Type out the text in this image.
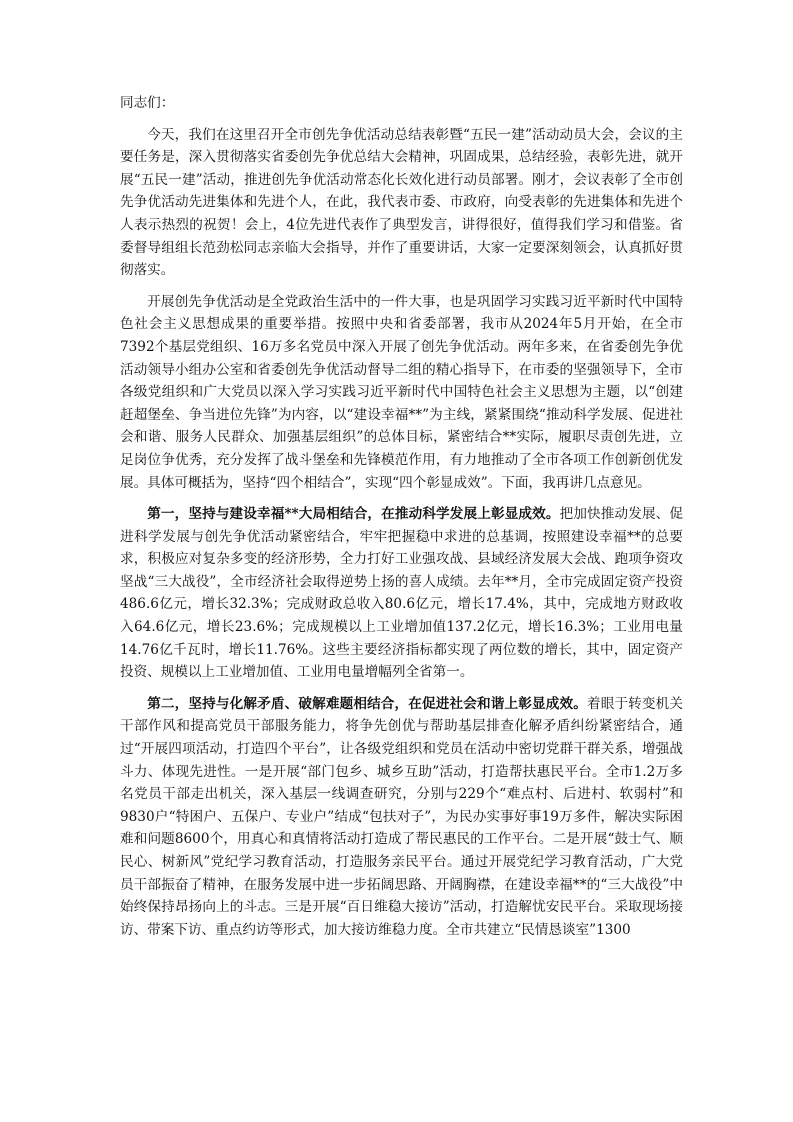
同志们：

今天，我们在这里召开全市创先争优活动总结表彰暨“五民一建”活动动员大会，会议的主要任务是，深入贯彻落实省委创先争优总结大会精神，巩固成果，总结经验，表彰先进，就开展“五民一建”活动，推进创先争优活动常态化长效化进行动员部署。刚才，会议表彰了全市创先争优活动先进集体和先进个人，在此，我代表市委、市政府，向受表彰的先进集体和先进个人表示热烈的祝贺！会上，4位先进代表作了典型发言，讲得很好，值得我们学习和借鉴。省委督导组组长范劲松同志亲临大会指导，并作了重要讲话，大家一定要深刻领会，认真抓好贯彻落实。

开展创先争优活动是全党政治生活中的一件大事，也是巩固学习实践习近平新时代中国特色社会主义思想成果的重要举措。按照中央和省委部署，我市从2024年5月开始，在全市7392个基层党组织、16万多名党员中深入开展了创先争优活动。两年多来，在省委创先争优活动领导小组办公室和省委创先争优活动督导二组的精心指导下，在市委的坚强领导下，全市各级党组织和广大党员以深入学习实践习近平新时代中国特色社会主义思想为主题，以“创建赶超堡垒、争当进位先锋”为内容，以“建设幸福**”为主线，紧紧围绕“推动科学发展、促进社会和谐、服务人民群众、加强基层组织”的总体目标，紧密结合**实际，履职尽责创先进，立足岗位争优秀，充分发挥了战斗堡垒和先锋模范作用，有力地推动了全市各项工作创新创优发展。具体可概括为，坚持“四个相结合”，实现“四个彰显成效”。下面，我再讲几点意见。

第一，坚持与建设幸福**大局相结合，在推动科学发展上彰显成效。把加快推动发展、促进科学发展与创先争优活动紧密结合，牢牢把握稳中求进的总基调，按照建设幸福**的总要求，积极应对复杂多变的经济形势，全力打好工业强攻战、县域经济发展大会战、跑项争资攻坚战“三大战役”，全市经济社会取得逆势上扬的喜人成绩。去年**月，全市完成固定资产投资486.6亿元，增长32.3%；完成财政总收入80.6亿元，增长17.4%，其中，完成地方财政收入64.6亿元，增长23.6%；完成规模以上工业增加值137.2亿元，增长16.3%；工业用电量14.76亿千瓦时，增长11.76%。这些主要经济指标都实现了两位数的增长，其中，固定资产投资、规模以上工业增加值、工业用电量增幅列全省第一。

第二，坚持与化解矛盾、破解难题相结合，在促进社会和谐上彰显成效。着眼于转变机关干部作风和提高党员干部服务能力，将争先创优与帮助基层排查化解矛盾纠纷紧密结合，通过“开展四项活动，打造四个平台”，让各级党组织和党员在活动中密切党群干群关系，增强战斗力、体现先进性。一是开展“部门包乡、城乡互助”活动，打造帮扶惠民平台。全市1.2万多名党员干部走出机关，深入基层一线调查研究，分别与229个“难点村、后进村、软弱村”和9830户“特困户、五保户、专业户”结成“包扶对子”，为民办实事好事19万多件，解决实际困难和问题8600个，用真心和真情将活动打造成了帮民惠民的工作平台。二是开展“鼓士气、顺民心、树新风”党纪学习教育活动，打造服务亲民平台。通过开展党纪学习教育活动，广大党员干部振奋了精神，在服务发展中进一步拓阔思路、开阔胸襟，在建设幸福**的“三大战役”中始终保持昂扬向上的斗志。三是开展“百日维稳大接访”活动，打造解忧安民平台。采取现场接访、带案下访、重点约访等形式，加大接访维稳力度。全市共建立“民情恳谈室”1300
